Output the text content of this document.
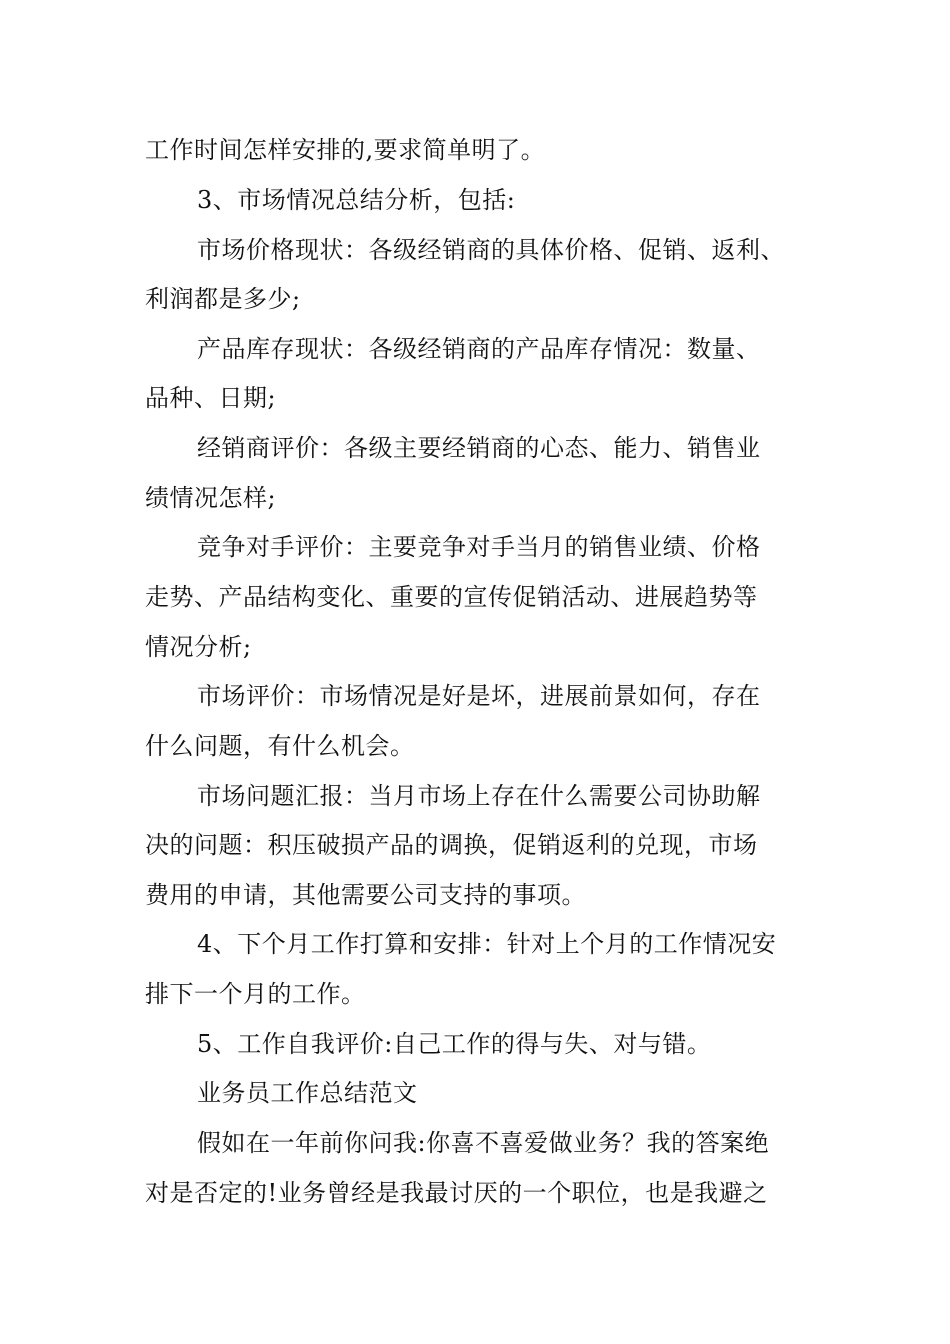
工作时间怎样安排的,要求简单明了。
3、市场情况总结分析，包括:
市场价格现状：各级经销商的具体价格、促销、返利、
利润都是多少;
产品库存现状：各级经销商的产品库存情况：数量、
品种、日期;
经销商评价：各级主要经销商的心态、能力、销售业
绩情况怎样;
竞争对手评价：主要竞争对手当月的销售业绩、价格
走势、产品结构变化、重要的宣传促销活动、进展趋势等
情况分析;
市场评价：市场情况是好是坏，进展前景如何，存在
什么问题，有什么机会。
市场问题汇报：当月市场上存在什么需要公司协助解
决的问题：积压破损产品的调换，促销返利的兑现，市场
费用的申请，其他需要公司支持的事项。
4、下个月工作打算和安排：针对上个月的工作情况安
排下一个月的工作。
5、工作自我评价:自己工作的得与失、对与错。
业务员工作总结范文
假如在一年前你问我:你喜不喜爱做业务？我的答案绝
对是否定的!业务曾经是我最讨厌的一个职位，也是我避之
